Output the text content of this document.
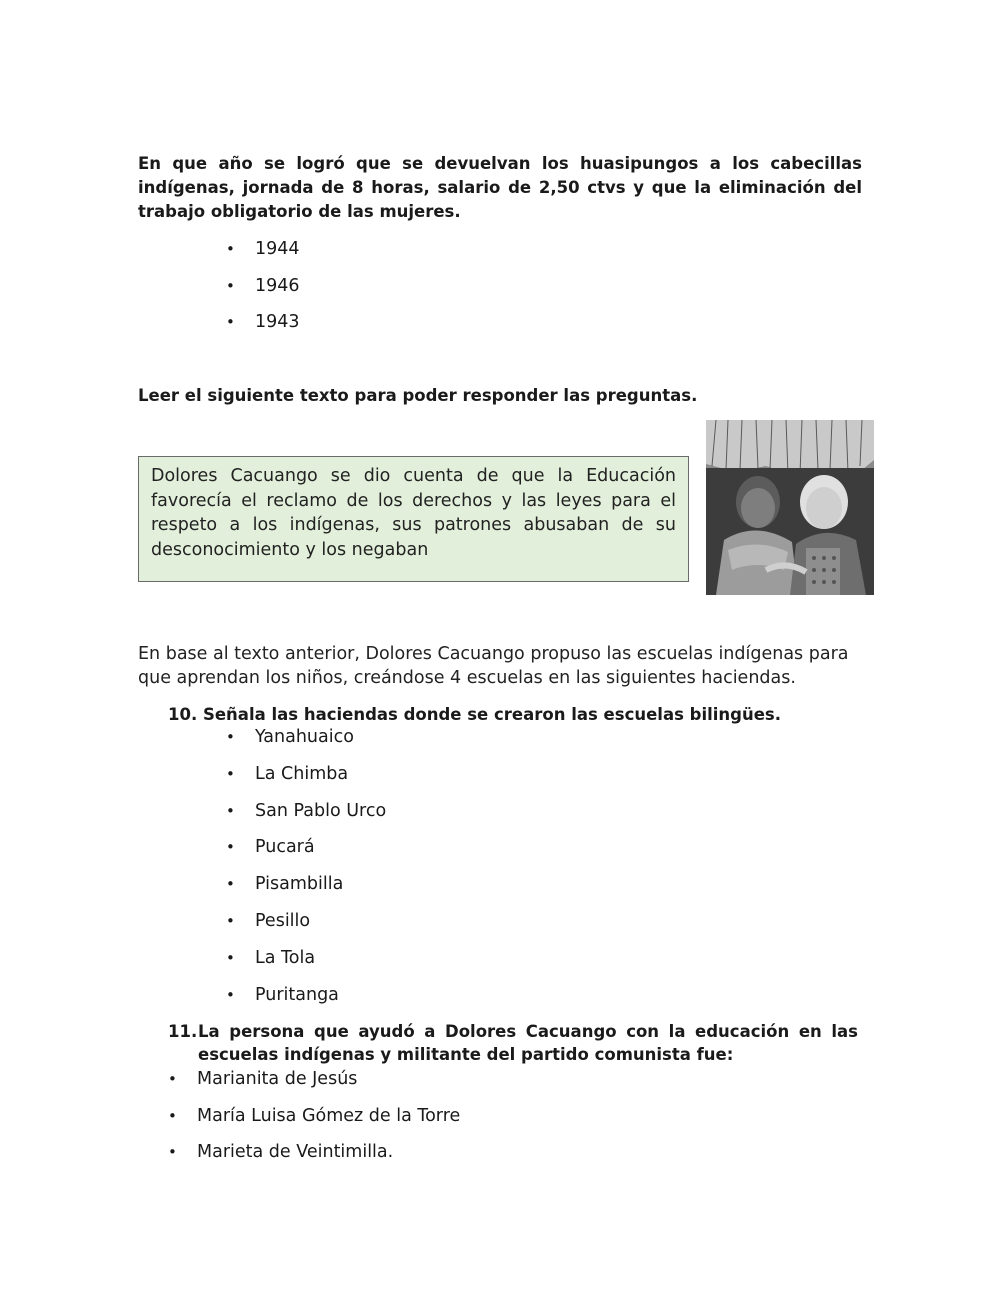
En que año se logró que se devuelvan los huasipungos a los cabecillas indígenas, jornada de 8 horas, salario de 2,50 ctvs y que la eliminación del trabajo obligatorio de las mujeres.
• 1944
• 1946
• 1943
Leer el siguiente texto para poder responder las preguntas.
Dolores Cacuango se dio cuenta de que la Educación favorecía el reclamo de los derechos y las leyes para el respeto a los indígenas, sus patrones abusaban de su desconocimiento y los negaban
En base al texto anterior, Dolores Cacuango propuso las escuelas indígenas para que aprendan los niños, creándose 4 escuelas en las siguientes haciendas.
10. Señala las haciendas donde se crearon las escuelas bilingües.
• Yanahuaico
• La Chimba
• San Pablo Urco
• Pucará
• Pisambilla
• Pesillo
• La Tola
• Puritanga
11. La persona que ayudó a Dolores Cacuango con la educación en las
escuelas indígenas y militante del partido comunista fue:
• Marianita de Jesús
• María Luisa Gómez de la Torre
• Marieta de Veintimilla.
